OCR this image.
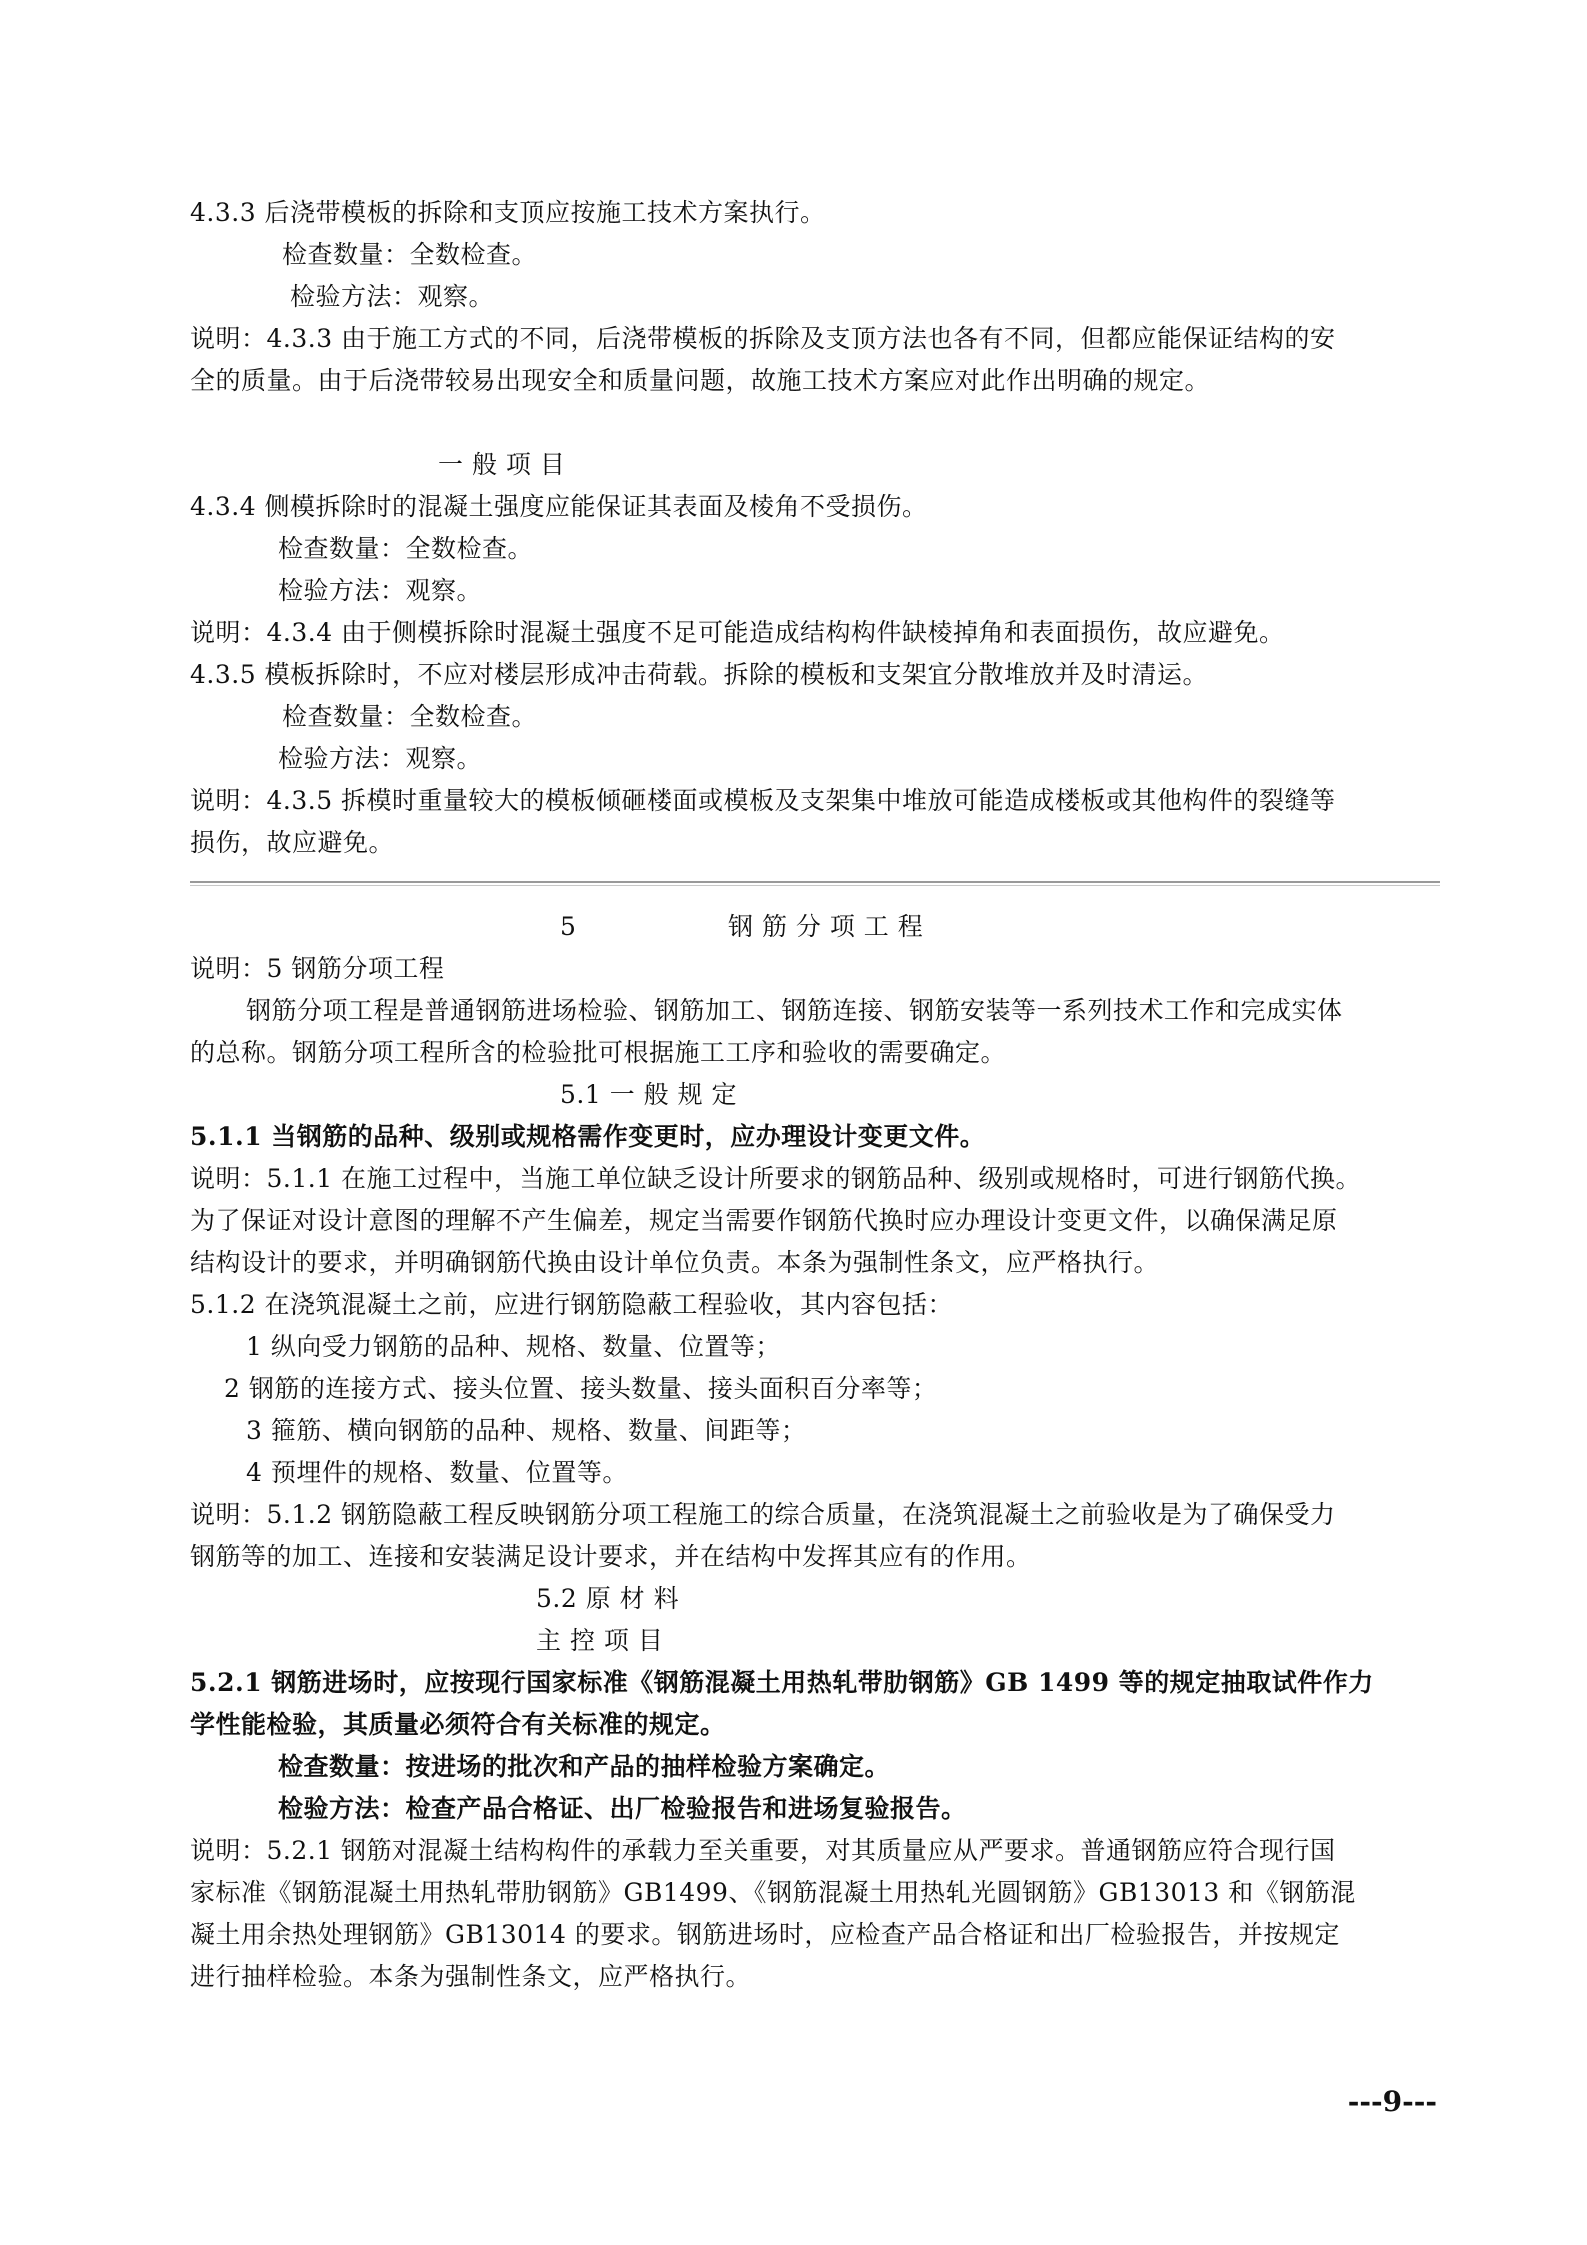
4.3.3 后浇带模板的拆除和支顶应按施工技术方案执行。
检查数量：全数检查。
检验方法：观察。
说明：4.3.3 由于施工方式的不同，后浇带模板的拆除及支顶方法也各有不同，但都应能保证结构的安
全的质量。由于后浇带较易出现安全和质量问题，故施工技术方案应对此作出明确的规定。
一 般 项 目
4.3.4 侧模拆除时的混凝土强度应能保证其表面及棱角不受损伤。
检查数量：全数检查。
检验方法：观察。
说明：4.3.4 由于侧模拆除时混凝土强度不足可能造成结构构件缺棱掉角和表面损伤，故应避免。
4.3.5 模板拆除时，不应对楼层形成冲击荷载。拆除的模板和支架宜分散堆放并及时清运。
检查数量：全数检查。
检验方法：观察。
说明：4.3.5 拆模时重量较大的模板倾砸楼面或模板及支架集中堆放可能造成楼板或其他构件的裂缝等
损伤，故应避免。
5	钢 筋 分 项 工 程
说明：5 钢筋分项工程
钢筋分项工程是普通钢筋进场检验、钢筋加工、钢筋连接、钢筋安装等一系列技术工作和完成实体
的总称。钢筋分项工程所含的检验批可根据施工工序和验收的需要确定。
5.1 一 般 规 定
5.1.1 当钢筋的品种、级别或规格需作变更时，应办理设计变更文件。
说明：5.1.1 在施工过程中，当施工单位缺乏设计所要求的钢筋品种、级别或规格时，可进行钢筋代换。
为了保证对设计意图的理解不产生偏差，规定当需要作钢筋代换时应办理设计变更文件，以确保满足原
结构设计的要求，并明确钢筋代换由设计单位负责。本条为强制性条文，应严格执行。
5.1.2 在浇筑混凝土之前，应进行钢筋隐蔽工程验收，其内容包括：
1 纵向受力钢筋的品种、规格、数量、位置等；
2 钢筋的连接方式、接头位置、接头数量、接头面积百分率等；
3 箍筋、横向钢筋的品种、规格、数量、间距等；
4 预埋件的规格、数量、位置等。
说明：5.1.2 钢筋隐蔽工程反映钢筋分项工程施工的综合质量，在浇筑混凝土之前验收是为了确保受力
钢筋等的加工、连接和安装满足设计要求，并在结构中发挥其应有的作用。
5.2 原 材 料
主 控 项 目
5.2.1 钢筋进场时，应按现行国家标准《钢筋混凝土用热轧带肋钢筋》GB 1499 等的规定抽取试件作力
学性能检验，其质量必须符合有关标准的规定。
检查数量：按进场的批次和产品的抽样检验方案确定。
检验方法：检查产品合格证、出厂检验报告和进场复验报告。
说明：5.2.1 钢筋对混凝土结构构件的承载力至关重要，对其质量应从严要求。普通钢筋应符合现行国
家标准《钢筋混凝土用热轧带肋钢筋》GB1499、《钢筋混凝土用热轧光圆钢筋》GB13013 和《钢筋混
凝土用余热处理钢筋》GB13014 的要求。钢筋进场时，应检查产品合格证和出厂检验报告，并按规定
进行抽样检验。本条为强制性条文，应严格执行。
---9---
